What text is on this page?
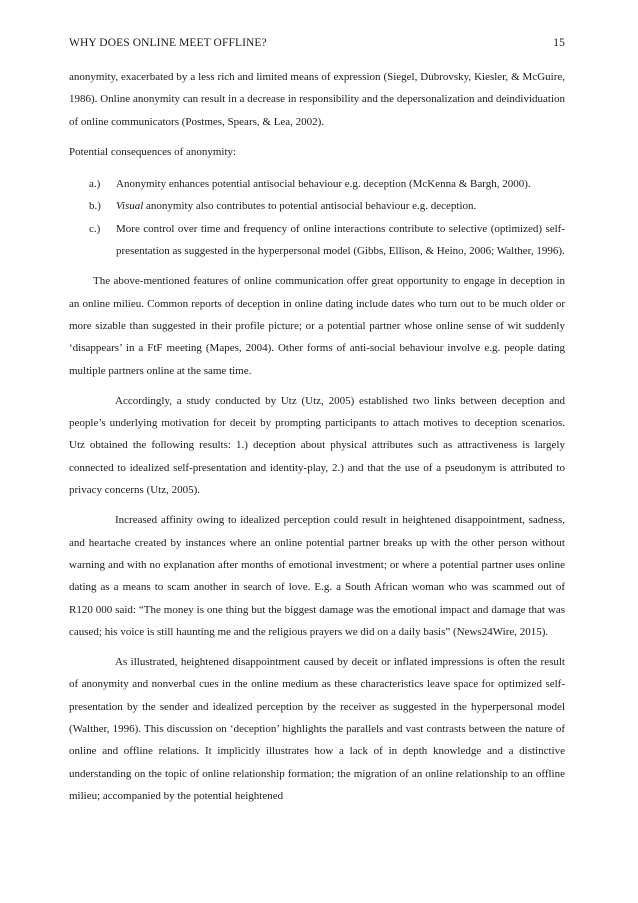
WHY DOES ONLINE MEET OFFLINE?	15

anonymity, exacerbated by a less rich and limited means of expression (Siegel, Dubrovsky, Kiesler, & McGuire, 1986). Online anonymity can result in a decrease in responsibility and the depersonalization and deindividuation of online communicators (Postmes, Spears, & Lea, 2002).

Potential consequences of anonymity:

a.) Anonymity enhances potential antisocial behaviour e.g. deception (McKenna & Bargh, 2000).
b.) Visual anonymity also contributes to potential antisocial behaviour e.g. deception.
c.) More control over time and frequency of online interactions contribute to selective (optimized) self-presentation as suggested in the hyperpersonal model (Gibbs, Ellison, & Heino, 2006; Walther, 1996).

The above-mentioned features of online communication offer great opportunity to engage in deception in an online milieu. Common reports of deception in online dating include dates who turn out to be much older or more sizable than suggested in their profile picture; or a potential partner whose online sense of wit suddenly ‘disappears’ in a FtF meeting (Mapes, 2004). Other forms of anti-social behaviour involve e.g. people dating multiple partners online at the same time.

Accordingly, a study conducted by Utz (Utz, 2005) established two links between deception and people’s underlying motivation for deceit by prompting participants to attach motives to deception scenarios. Utz obtained the following results: 1.) deception about physical attributes such as attractiveness is largely connected to idealized self-presentation and identity-play, 2.) and that the use of a pseudonym is attributed to privacy concerns (Utz, 2005).

Increased affinity owing to idealized perception could result in heightened disappointment, sadness, and heartache created by instances where an online potential partner breaks up with the other person without warning and with no explanation after months of emotional investment; or where a potential partner uses online dating as a means to scam another in search of love. E.g. a South African woman who was scammed out of R120 000 said: “The money is one thing but the biggest damage was the emotional impact and damage that was caused; his voice is still haunting me and the religious prayers we did on a daily basis” (News24Wire, 2015).

As illustrated, heightened disappointment caused by deceit or inflated impressions is often the result of anonymity and nonverbal cues in the online medium as these characteristics leave space for optimized self-presentation by the sender and idealized perception by the receiver as suggested in the hyperpersonal model (Walther, 1996). This discussion on ‘deception’ highlights the parallels and vast contrasts between the nature of online and offline relations. It implicitly illustrates how a lack of in depth knowledge and a distinctive understanding on the topic of online relationship formation; the migration of an online relationship to an offline milieu; accompanied by the potential heightened
